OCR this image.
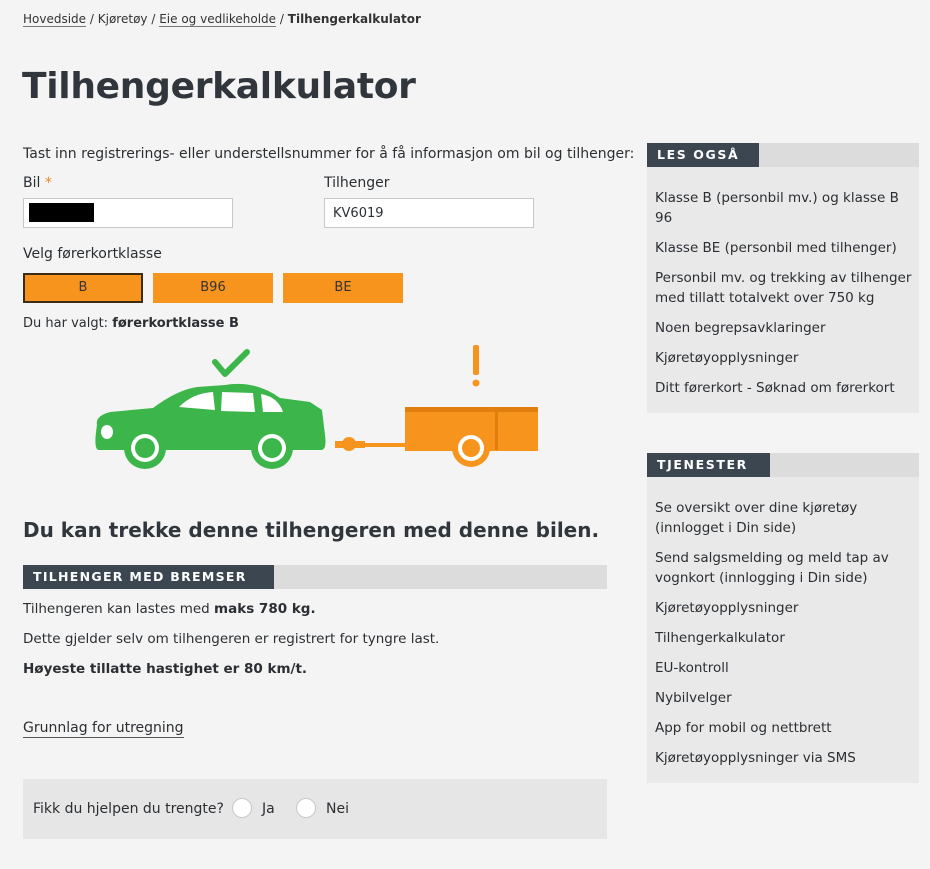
Hovedside / Kjøretøy / Eie og vedlikeholde / Tilhengerkalkulator
Tilhengerkalkulator
Tast inn registrerings- eller understellsnummer for å få informasjon om bil og tilhenger:
Bil *	Tilhenger
KV6019
Velg førerkortklasse
B	B96	BE
Du har valgt: førerkortklasse B
Du kan trekke denne tilhengeren med denne bilen.
TILHENGER MED BREMSER
Tilhengeren kan lastes med maks 780 kg.
Dette gjelder selv om tilhengeren er registrert for tyngre last.
Høyeste tillatte hastighet er 80 km/t.
Grunnlag for utregning
Fikk du hjelpen du trengte?	Ja	Nei
LES OGSÅ
Klasse B (personbil mv.) og klasse B 96
Klasse BE (personbil med tilhenger)
Personbil mv. og trekking av tilhenger med tillatt totalvekt over 750 kg
Noen begrepsavklaringer
Kjøretøyopplysninger
Ditt førerkort - Søknad om førerkort
TJENESTER
Se oversikt over dine kjøretøy (innlogget i Din side)
Send salgsmelding og meld tap av vognkort (innlogging i Din side)
Kjøretøyopplysninger
Tilhengerkalkulator
EU-kontroll
Nybilvelger
App for mobil og nettbrett
Kjøretøyopplysninger via SMS
